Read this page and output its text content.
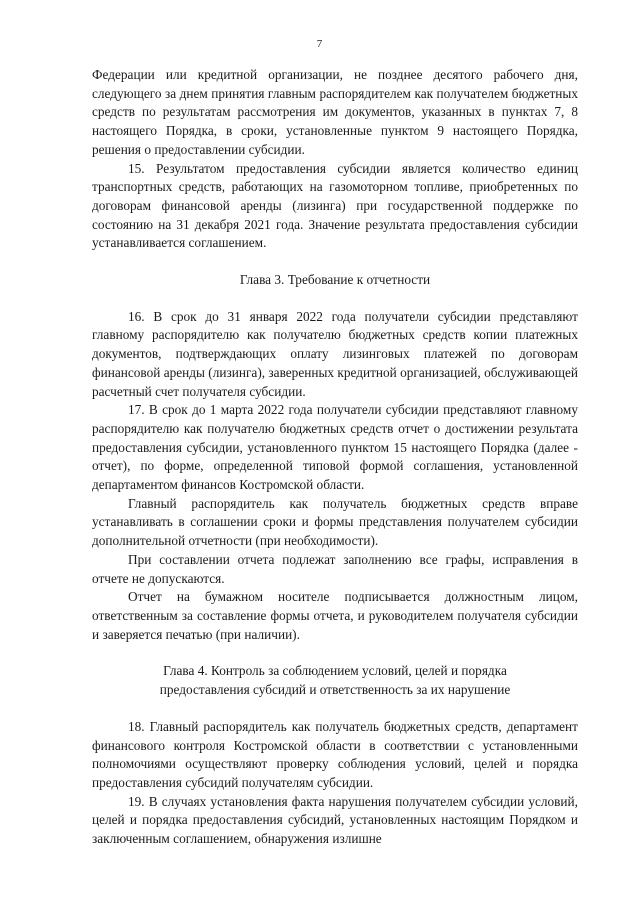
7

Федерации или кредитной организации, не позднее десятого рабочего дня, следующего за днем принятия главным распорядителем как получателем бюджетных средств по результатам рассмотрения им документов, указанных в пунктах 7, 8 настоящего Порядка, в сроки, установленные пунктом 9 настоящего Порядка, решения о предоставлении субсидии.

15. Результатом предоставления субсидии является количество единиц транспортных средств, работающих на газомоторном топливе, приобретенных по договорам финансовой аренды (лизинга) при государственной поддержке по состоянию на 31 декабря 2021 года. Значение результата предоставления субсидии устанавливается соглашением.

Глава 3. Требование к отчетности

16. В срок до 31 января 2022 года получатели субсидии представляют главному распорядителю как получателю бюджетных средств копии платежных документов, подтверждающих оплату лизинговых платежей по договорам финансовой аренды (лизинга), заверенных кредитной организацией, обслуживающей расчетный счет получателя субсидии.

17. В срок до 1 марта 2022 года получатели субсидии представляют главному распорядителю как получателю бюджетных средств отчет о достижении результата предоставления субсидии, установленного пунктом 15 настоящего Порядка (далее - отчет), по форме, определенной типовой формой соглашения, установленной департаментом финансов Костромской области.

Главный распорядитель как получатель бюджетных средств вправе устанавливать в соглашении сроки и формы представления получателем субсидии дополнительной отчетности (при необходимости).

При составлении отчета подлежат заполнению все графы, исправления в отчете не допускаются.

Отчет на бумажном носителе подписывается должностным лицом, ответственным за составление формы отчета, и руководителем получателя субсидии и заверяется печатью (при наличии).

Глава 4. Контроль за соблюдением условий, целей и порядка

предоставления субсидий и ответственность за их нарушение

18. Главный распорядитель как получатель бюджетных средств, департамент финансового контроля Костромской области в соответствии с установленными полномочиями осуществляют проверку соблюдения условий, целей и порядка предоставления субсидий получателям субсидии.

19. В случаях установления факта нарушения получателем субсидии условий, целей и порядка предоставления субсидий, установленных настоящим Порядком и заключенным соглашением, обнаружения излишне
